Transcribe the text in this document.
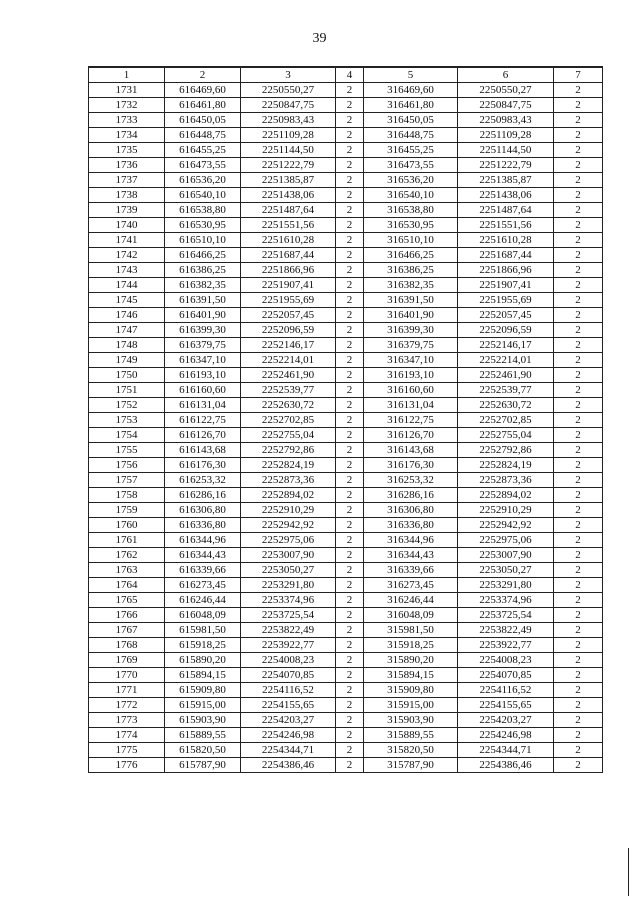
39
1	2	3	4	5	6	7
1731	616469,60	2250550,27	2	316469,60	2250550,27	2
1732	616461,80	2250847,75	2	316461,80	2250847,75	2
1733	616450,05	2250983,43	2	316450,05	2250983,43	2
1734	616448,75	2251109,28	2	316448,75	2251109,28	2
1735	616455,25	2251144,50	2	316455,25	2251144,50	2
1736	616473,55	2251222,79	2	316473,55	2251222,79	2
1737	616536,20	2251385,87	2	316536,20	2251385,87	2
1738	616540,10	2251438,06	2	316540,10	2251438,06	2
1739	616538,80	2251487,64	2	316538,80	2251487,64	2
1740	616530,95	2251551,56	2	316530,95	2251551,56	2
1741	616510,10	2251610,28	2	316510,10	2251610,28	2
1742	616466,25	2251687,44	2	316466,25	2251687,44	2
1743	616386,25	2251866,96	2	316386,25	2251866,96	2
1744	616382,35	2251907,41	2	316382,35	2251907,41	2
1745	616391,50	2251955,69	2	316391,50	2251955,69	2
1746	616401,90	2252057,45	2	316401,90	2252057,45	2
1747	616399,30	2252096,59	2	316399,30	2252096,59	2
1748	616379,75	2252146,17	2	316379,75	2252146,17	2
1749	616347,10	2252214,01	2	316347,10	2252214,01	2
1750	616193,10	2252461,90	2	316193,10	2252461,90	2
1751	616160,60	2252539,77	2	316160,60	2252539,77	2
1752	616131,04	2252630,72	2	316131,04	2252630,72	2
1753	616122,75	2252702,85	2	316122,75	2252702,85	2
1754	616126,70	2252755,04	2	316126,70	2252755,04	2
1755	616143,68	2252792,86	2	316143,68	2252792,86	2
1756	616176,30	2252824,19	2	316176,30	2252824,19	2
1757	616253,32	2252873,36	2	316253,32	2252873,36	2
1758	616286,16	2252894,02	2	316286,16	2252894,02	2
1759	616306,80	2252910,29	2	316306,80	2252910,29	2
1760	616336,80	2252942,92	2	316336,80	2252942,92	2
1761	616344,96	2252975,06	2	316344,96	2252975,06	2
1762	616344,43	2253007,90	2	316344,43	2253007,90	2
1763	616339,66	2253050,27	2	316339,66	2253050,27	2
1764	616273,45	2253291,80	2	316273,45	2253291,80	2
1765	616246,44	2253374,96	2	316246,44	2253374,96	2
1766	616048,09	2253725,54	2	316048,09	2253725,54	2
1767	615981,50	2253822,49	2	315981,50	2253822,49	2
1768	615918,25	2253922,77	2	315918,25	2253922,77	2
1769	615890,20	2254008,23	2	315890,20	2254008,23	2
1770	615894,15	2254070,85	2	315894,15	2254070,85	2
1771	615909,80	2254116,52	2	315909,80	2254116,52	2
1772	615915,00	2254155,65	2	315915,00	2254155,65	2
1773	615903,90	2254203,27	2	315903,90	2254203,27	2
1774	615889,55	2254246,98	2	315889,55	2254246,98	2
1775	615820,50	2254344,71	2	315820,50	2254344,71	2
1776	615787,90	2254386,46	2	315787,90	2254386,46	2
